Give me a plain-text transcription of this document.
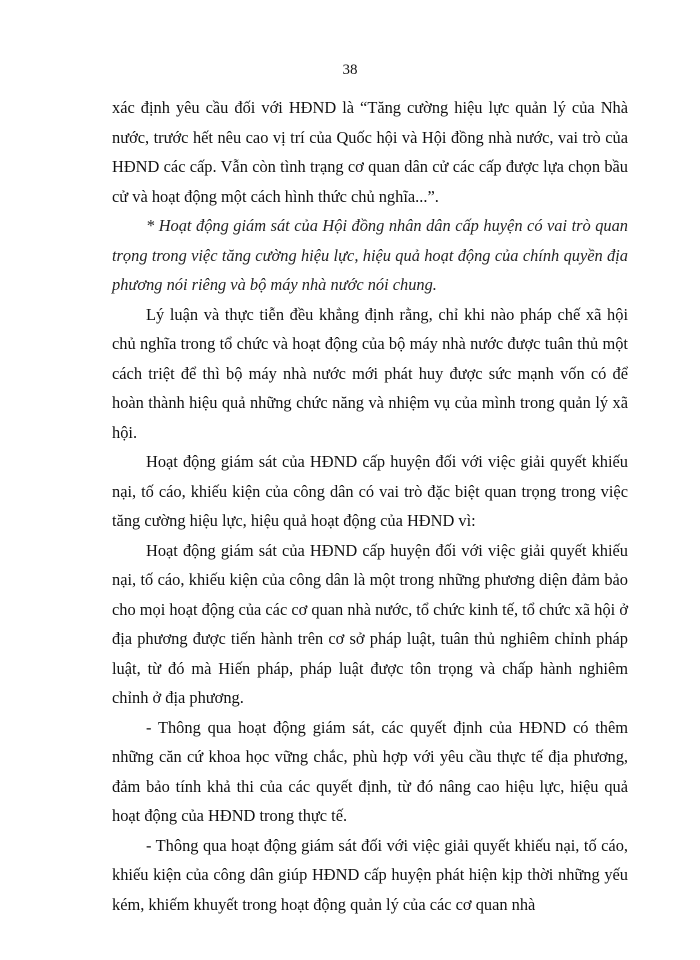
38

xác định yêu cầu đối với HĐND là “Tăng cường hiệu lực quản lý của Nhà nước, trước hết nêu cao vị trí của Quốc hội và Hội đồng nhà nước, vai trò của HĐND các cấp. Vẫn còn tình trạng cơ quan dân cử các cấp được lựa chọn bầu cử và hoạt động một cách hình thức chủ nghĩa...”.

* Hoạt động giám sát của Hội đồng nhân dân cấp huyện có vai trò quan trọng trong việc tăng cường hiệu lực, hiệu quả hoạt động của chính quyền địa phương nói riêng và bộ máy nhà nước nói chung.

Lý luận và thực tiễn đều khẳng định rằng, chỉ khi nào pháp chế xã hội chủ nghĩa trong tổ chức và hoạt động của bộ máy nhà nước được tuân thủ một cách triệt để thì bộ máy nhà nước mới phát huy được sức mạnh vốn có để hoàn thành hiệu quả những chức năng và nhiệm vụ của mình trong quản lý xã hội.

Hoạt động giám sát của HĐND cấp huyện đối với việc giải quyết khiếu nại, tố cáo, khiếu kiện của công dân có vai trò đặc biệt quan trọng trong việc tăng cường hiệu lực, hiệu quả hoạt động của HĐND vì:

Hoạt động giám sát của HĐND cấp huyện đối với việc giải quyết khiếu nại, tố cáo, khiếu kiện của công dân là một trong những phương diện đảm bảo cho mọi hoạt động của các cơ quan nhà nước, tổ chức kinh tế, tổ chức xã hội ở địa phương được tiến hành trên cơ sở pháp luật, tuân thủ nghiêm chỉnh pháp luật, từ đó mà Hiến pháp, pháp luật được tôn trọng và chấp hành nghiêm chỉnh ở địa phương.

- Thông qua hoạt động giám sát, các quyết định của HĐND có thêm những căn cứ khoa học vững chắc, phù hợp với yêu cầu thực tế địa phương, đảm bảo tính khả thi của các quyết định, từ đó nâng cao hiệu lực, hiệu quả hoạt động của HĐND trong thực tế.

- Thông qua hoạt động giám sát đối với việc giải quyết khiếu nại, tố cáo, khiếu kiện của công dân giúp HĐND cấp huyện phát hiện kịp thời những yếu kém, khiếm khuyết trong hoạt động quản lý của các cơ quan nhà
